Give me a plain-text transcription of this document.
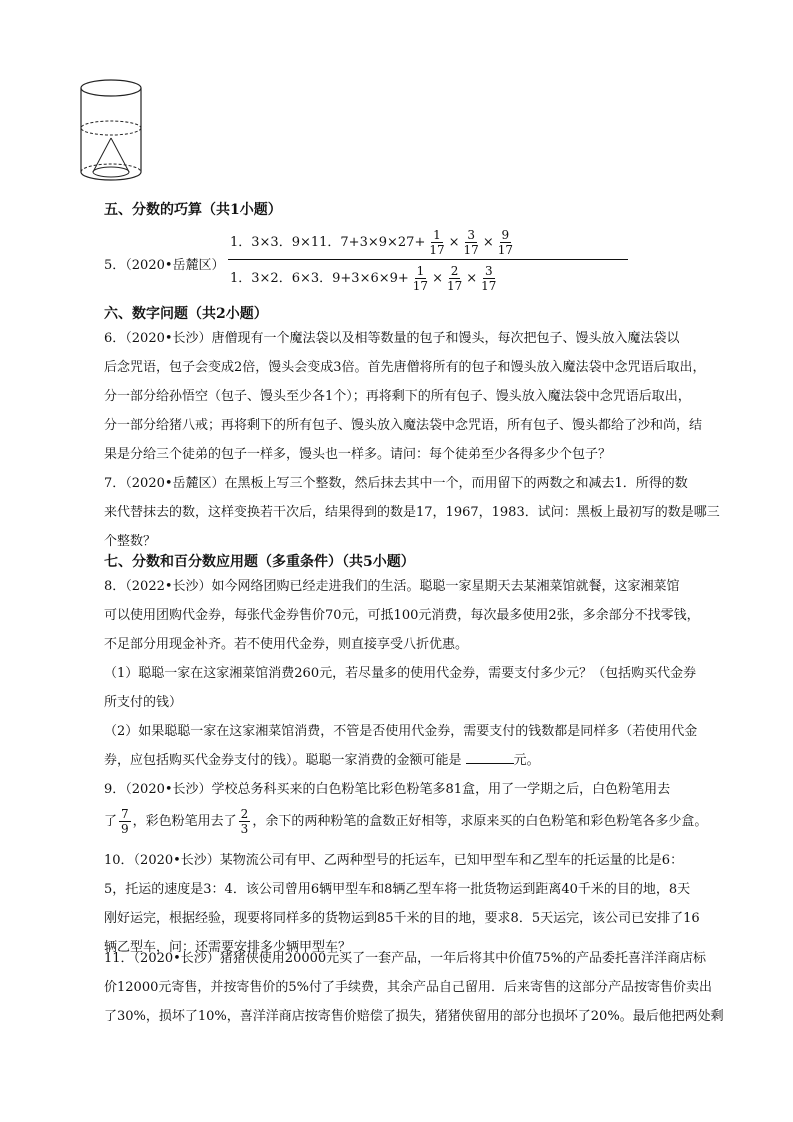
五、分数的巧算（共1小题）
5．（2020•岳麓区）
1．3×3．9×11．$7+3\times 9\times 27+ \frac{1}{17} \times \frac{3}{17} \times \frac{9}{17}$
1．3×2．6×3．$9+3\times 6\times 9+ \frac{1}{17} \times \frac{2}{17} \times \frac{3}{17}$
六、数字问题（共2小题）
6．（2020•长沙）唐僧现有一个魔法袋以及相等数量的包子和馒头，每次把包子、馒头放入魔法袋以
后念咒语，包子会变成2倍，馒头会变成3倍。首先唐僧将所有的包子和馒头放入魔法袋中念咒语后取出，
分一部分给孙悟空（包子、馒头至少各1个）；再将剩下的所有包子、馒头放入魔法袋中念咒语后取出，
分一部分给猪八戒；再将剩下的所有包子、馒头放入魔法袋中念咒语，所有包子、馒头都给了沙和尚，结
果是分给三个徒弟的包子一样多，馒头也一样多。请问：每个徒弟至少各得多少个包子？
7．（2020•岳麓区）在黑板上写三个整数，然后抹去其中一个，而用留下的两数之和减去1．所得的数
来代替抹去的数，这样变换若干次后，结果得到的数是17，1967，1983．试问：黑板上最初写的数是哪三
个整数？
七、分数和百分数应用题（多重条件）（共5小题）
8．（2022•长沙）如今网络团购已经走进我们的生活。聪聪一家星期天去某湘菜馆就餐，这家湘菜馆
可以使用团购代金券，每张代金券售价70元，可抵100元消费，每次最多使用2张，多余部分不找零钱，
不足部分用现金补齐。若不使用代金券，则直接享受八折优惠。
（1）聪聪一家在这家湘菜馆消费260元，若尽量多的使用代金券，需要支付多少元？（包括购买代金券
所支付的钱）
（2）如果聪聪一家在这家湘菜馆消费，不管是否使用代金券，需要支付的钱数都是同样多（若使用代金
券，应包括购买代金券支付的钱）。聪聪一家消费的金额可能是	元。
9．（2020•长沙）学校总务科买来的白色粉笔比彩色粉笔多81盒，用了一学期之后，白色粉笔用去
了 $\frac{7}{9}$ ，彩色粉笔用去了 $\frac{2}{3}$ ，余下的两种粉笔的盒数正好相等，求原来买的白色粉笔和彩色粉笔各多少盒。
10．（2020•长沙）某物流公司有甲、乙两种型号的托运车，已知甲型车和乙型车的托运量的比是6：
5，托运的速度是3：4．该公司曾用6辆甲型车和8辆乙型车将一批货物运到距离40千米的目的地，8天
刚好运完，根据经验，现要将同样多的货物运到85千米的目的地，要求8．5天运完，该公司已安排了16
辆乙型车，问：还需要安排多少辆甲型车？
11．（2020•长沙）猪猪侠使用20000元买了一套产品，一年后将其中价值75%的产品委托喜洋洋商店标
价12000元寄售，并按寄售价的5%付了手续费，其余产品自己留用．后来寄售的这部分产品按寄售价卖出
了30%，损坏了10%，喜洋洋商店按寄售价赔偿了损失，猪猪侠留用的部分也损坏了20%。最后他把两处剩
